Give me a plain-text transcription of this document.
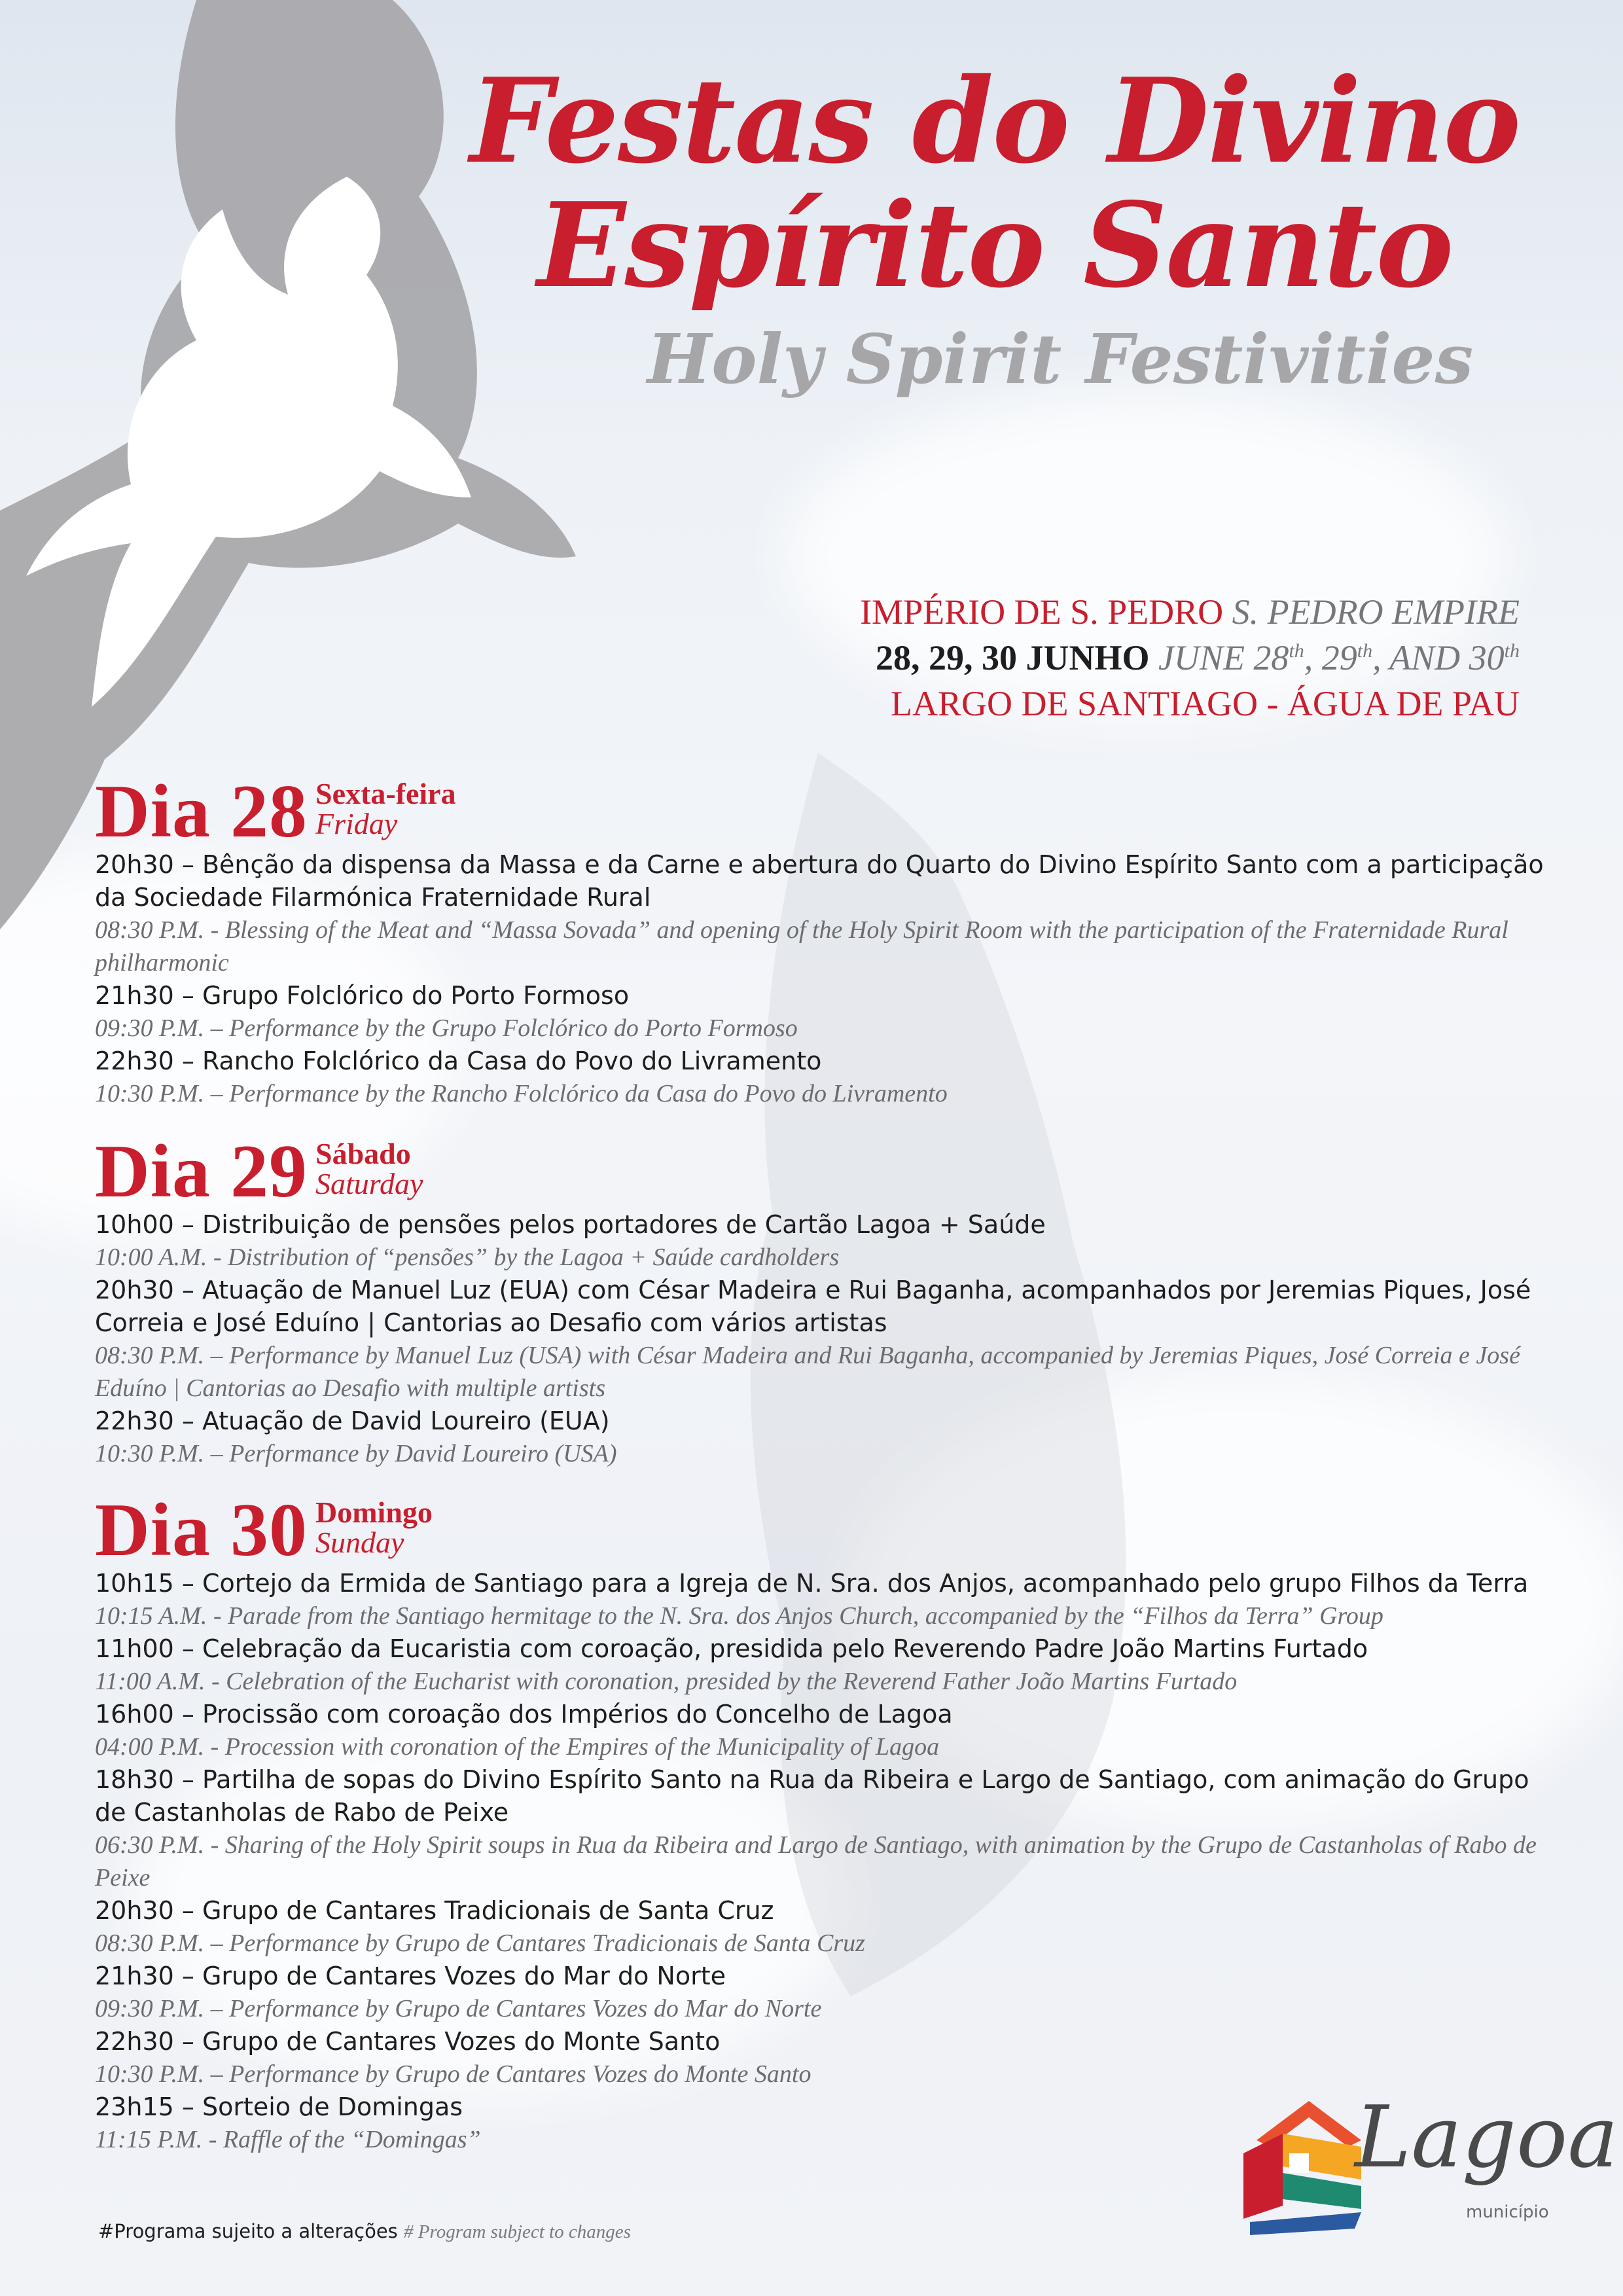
Festas do Divino
Espírito Santo
Holy Spirit Festivities
IMPÉRIO DE S. PEDRO S. PEDRO EMPIRE
28, 29, 30 JUNHO JUNE 28th, 29th, AND 30th
LARGO DE SANTIAGO - ÁGUA DE PAU
Dia 28 Sexta-feira
Friday
20h30 – Bênção da dispensa da Massa e da Carne e abertura do Quarto do Divino Espírito Santo com a participação da Sociedade Filarmónica Fraternidade Rural
08:30 P.M. - Blessing of the Meat and “Massa Sovada” and opening of the Holy Spirit Room with the participation of the Fraternidade Rural philharmonic
21h30 – Grupo Folclórico do Porto Formoso
09:30 P.M. – Performance by the Grupo Folclórico do Porto Formoso
22h30 – Rancho Folclórico da Casa do Povo do Livramento
10:30 P.M. – Performance by the Rancho Folclórico da Casa do Povo do Livramento
Dia 29 Sábado
Saturday
10h00 – Distribuição de pensões pelos portadores de Cartão Lagoa + Saúde
10:00 A.M. - Distribution of “pensões” by the Lagoa + Saúde cardholders
20h30 – Atuação de Manuel Luz (EUA) com César Madeira e Rui Baganha, acompanhados por Jeremias Piques, José Correia e José Eduíno | Cantorias ao Desafio com vários artistas
08:30 P.M. – Performance by Manuel Luz (USA) with César Madeira and Rui Baganha, accompanied by Jeremias Piques, José Correia e José Eduíno | Cantorias ao Desafio with multiple artists
22h30 – Atuação de David Loureiro (EUA)
10:30 P.M. – Performance by David Loureiro (USA)
Dia 30 Domingo
Sunday
10h15 – Cortejo da Ermida de Santiago para a Igreja de N. Sra. dos Anjos, acompanhado pelo grupo Filhos da Terra
10:15 A.M. - Parade from the Santiago hermitage to the N. Sra. dos Anjos Church, accompanied by the “Filhos da Terra” Group
11h00 – Celebração da Eucaristia com coroação, presidida pelo Reverendo Padre João Martins Furtado
11:00 A.M. - Celebration of the Eucharist with coronation, presided by the Reverend Father João Martins Furtado
16h00 – Procissão com coroação dos Impérios do Concelho de Lagoa
04:00 P.M. - Procession with coronation of the Empires of the Municipality of Lagoa
18h30 – Partilha de sopas do Divino Espírito Santo na Rua da Ribeira e Largo de Santiago, com animação do Grupo de Castanholas de Rabo de Peixe
06:30 P.M. - Sharing of the Holy Spirit soups in Rua da Ribeira and Largo de Santiago, with animation by the Grupo de Castanholas of Rabo de Peixe
20h30 – Grupo de Cantares Tradicionais de Santa Cruz
08:30 P.M. – Performance by Grupo de Cantares Tradicionais de Santa Cruz
21h30 – Grupo de Cantares Vozes do Mar do Norte
09:30 P.M. – Performance by Grupo de Cantares Vozes do Mar do Norte
22h30 – Grupo de Cantares Vozes do Monte Santo
10:30 P.M. – Performance by Grupo de Cantares Vozes do Monte Santo
23h15 – Sorteio de Domingas
11:15 P.M. - Raffle of the “Domingas”
#Programa sujeito a alterações # Program subject to changes
Lagoa
município
